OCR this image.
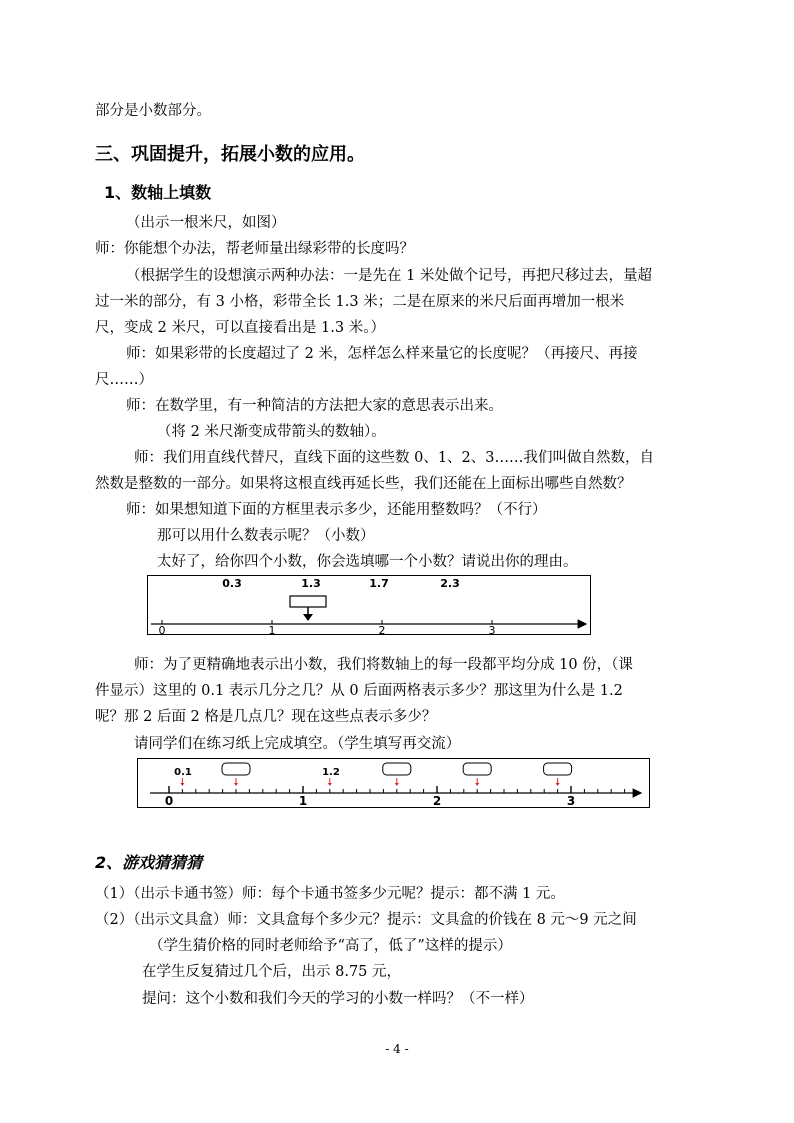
部分是小数部分。
三、巩固提升，拓展小数的应用。
1、数轴上填数
（出示一根米尺，如图）
师：你能想个办法，帮老师量出绿彩带的长度吗？
（根据学生的设想演示两种办法：一是先在 1 米处做个记号，再把尺移过去，量超
过一米的部分，有 3 小格，彩带全长 1.3 米；二是在原来的米尺后面再增加一根米
尺，变成 2 米尺，可以直接看出是 1.3 米。）
师：如果彩带的长度超过了 2 米，怎样怎么样来量它的长度呢？（再接尺、再接
尺……）
师：在数学里，有一种简洁的方法把大家的意思表示出来。
（将 2 米尺渐变成带箭头的数轴）。
师：我们用直线代替尺，直线下面的这些数 0、1、2、3……我们叫做自然数，自
然数是整数的一部分。如果将这根直线再延长些，我们还能在上面标出哪些自然数？
师：如果想知道下面的方框里表示多少，还能用整数吗？（不行）
那可以用什么数表示呢？（小数）
太好了，给你四个小数，你会选填哪一个小数？请说出你的理由。
0.3	1.3	1.7	2.3
0	1	2	3
师：为了更精确地表示出小数，我们将数轴上的每一段都平均分成 10 份，（课
件显示）这里的 0.1 表示几分之几？从 0 后面两格表示多少？那这里为什么是 1.2
呢？那 2 后面 2 格是几点几？现在这些点表示多少？
请同学们在练习纸上完成填空。（学生填写再交流）
0.1	1.2
0	1	2	3
2、游戏猜猜猜
（1）（出示卡通书签）师：每个卡通书签多少元呢？提示：都不满 1 元。
（2）（出示文具盒）师：文具盒每个多少元？提示：文具盒的价钱在 8 元～9 元之间
（学生猜价格的同时老师给予“高了，低了”这样的提示）
在学生反复猜过几个后，出示 8.75 元，
提问：这个小数和我们今天的学习的小数一样吗？（不一样）
- 4 -
